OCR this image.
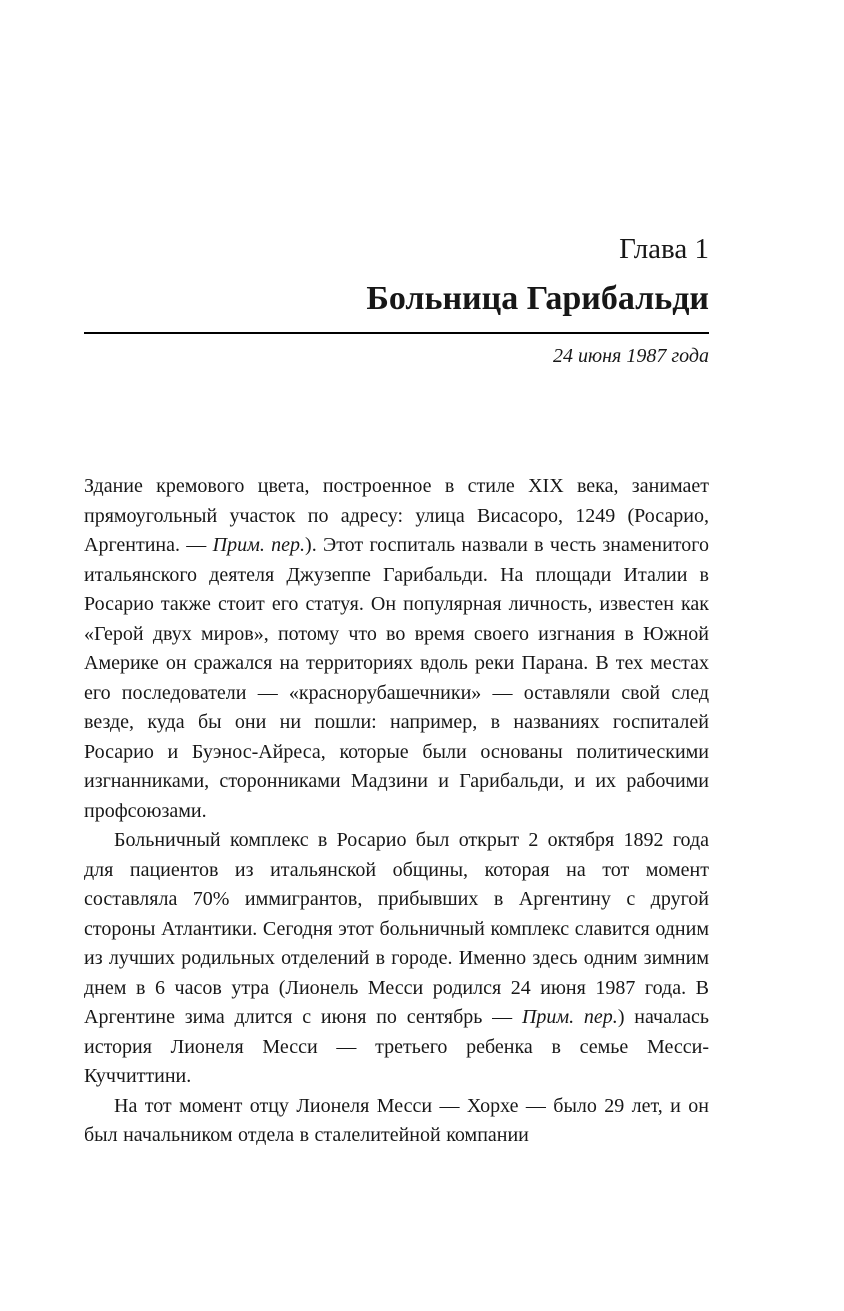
Глава 1
Больница Гарибальди
24 июня 1987 года

Здание кремового цвета, построенное в стиле XIX века, занимает прямоугольный участок по адресу: улица Висасоро, 1249 (Росарио, Аргентина. — Прим. пер.). Этот госпиталь назвали в честь знаменитого итальянского деятеля Джузеппе Гарибальди. На площади Италии в Росарио также стоит его статуя. Он популярная личность, известен как «Герой двух миров», потому что во время своего изгнания в Южной Америке он сражался на территориях вдоль реки Парана. В тех местах его последователи — «краснорубашечники» — оставляли свой след везде, куда бы они ни пошли: например, в названиях госпиталей Росарио и Буэнос-Айреса, которые были основаны политическими изгнанниками, сторонниками Мадзини и Гарибальди, и их рабочими профсоюзами.

Больничный комплекс в Росарио был открыт 2 октября 1892 года для пациентов из итальянской общины, которая на тот момент составляла 70% иммигрантов, прибывших в Аргентину с другой стороны Атлантики. Сегодня этот больничный комплекс славится одним из лучших родильных отделений в городе. Именно здесь одним зимним днем в 6 часов утра (Лионель Месси родился 24 июня 1987 года. В Аргентине зима длится с июня по сентябрь — Прим. пер.) началась история Лионеля Месси — третьего ребенка в семье Месси-Куччиттини.

На тот момент отцу Лионеля Месси — Хорхе — было 29 лет, и он был начальником отдела в сталелитейной компании
